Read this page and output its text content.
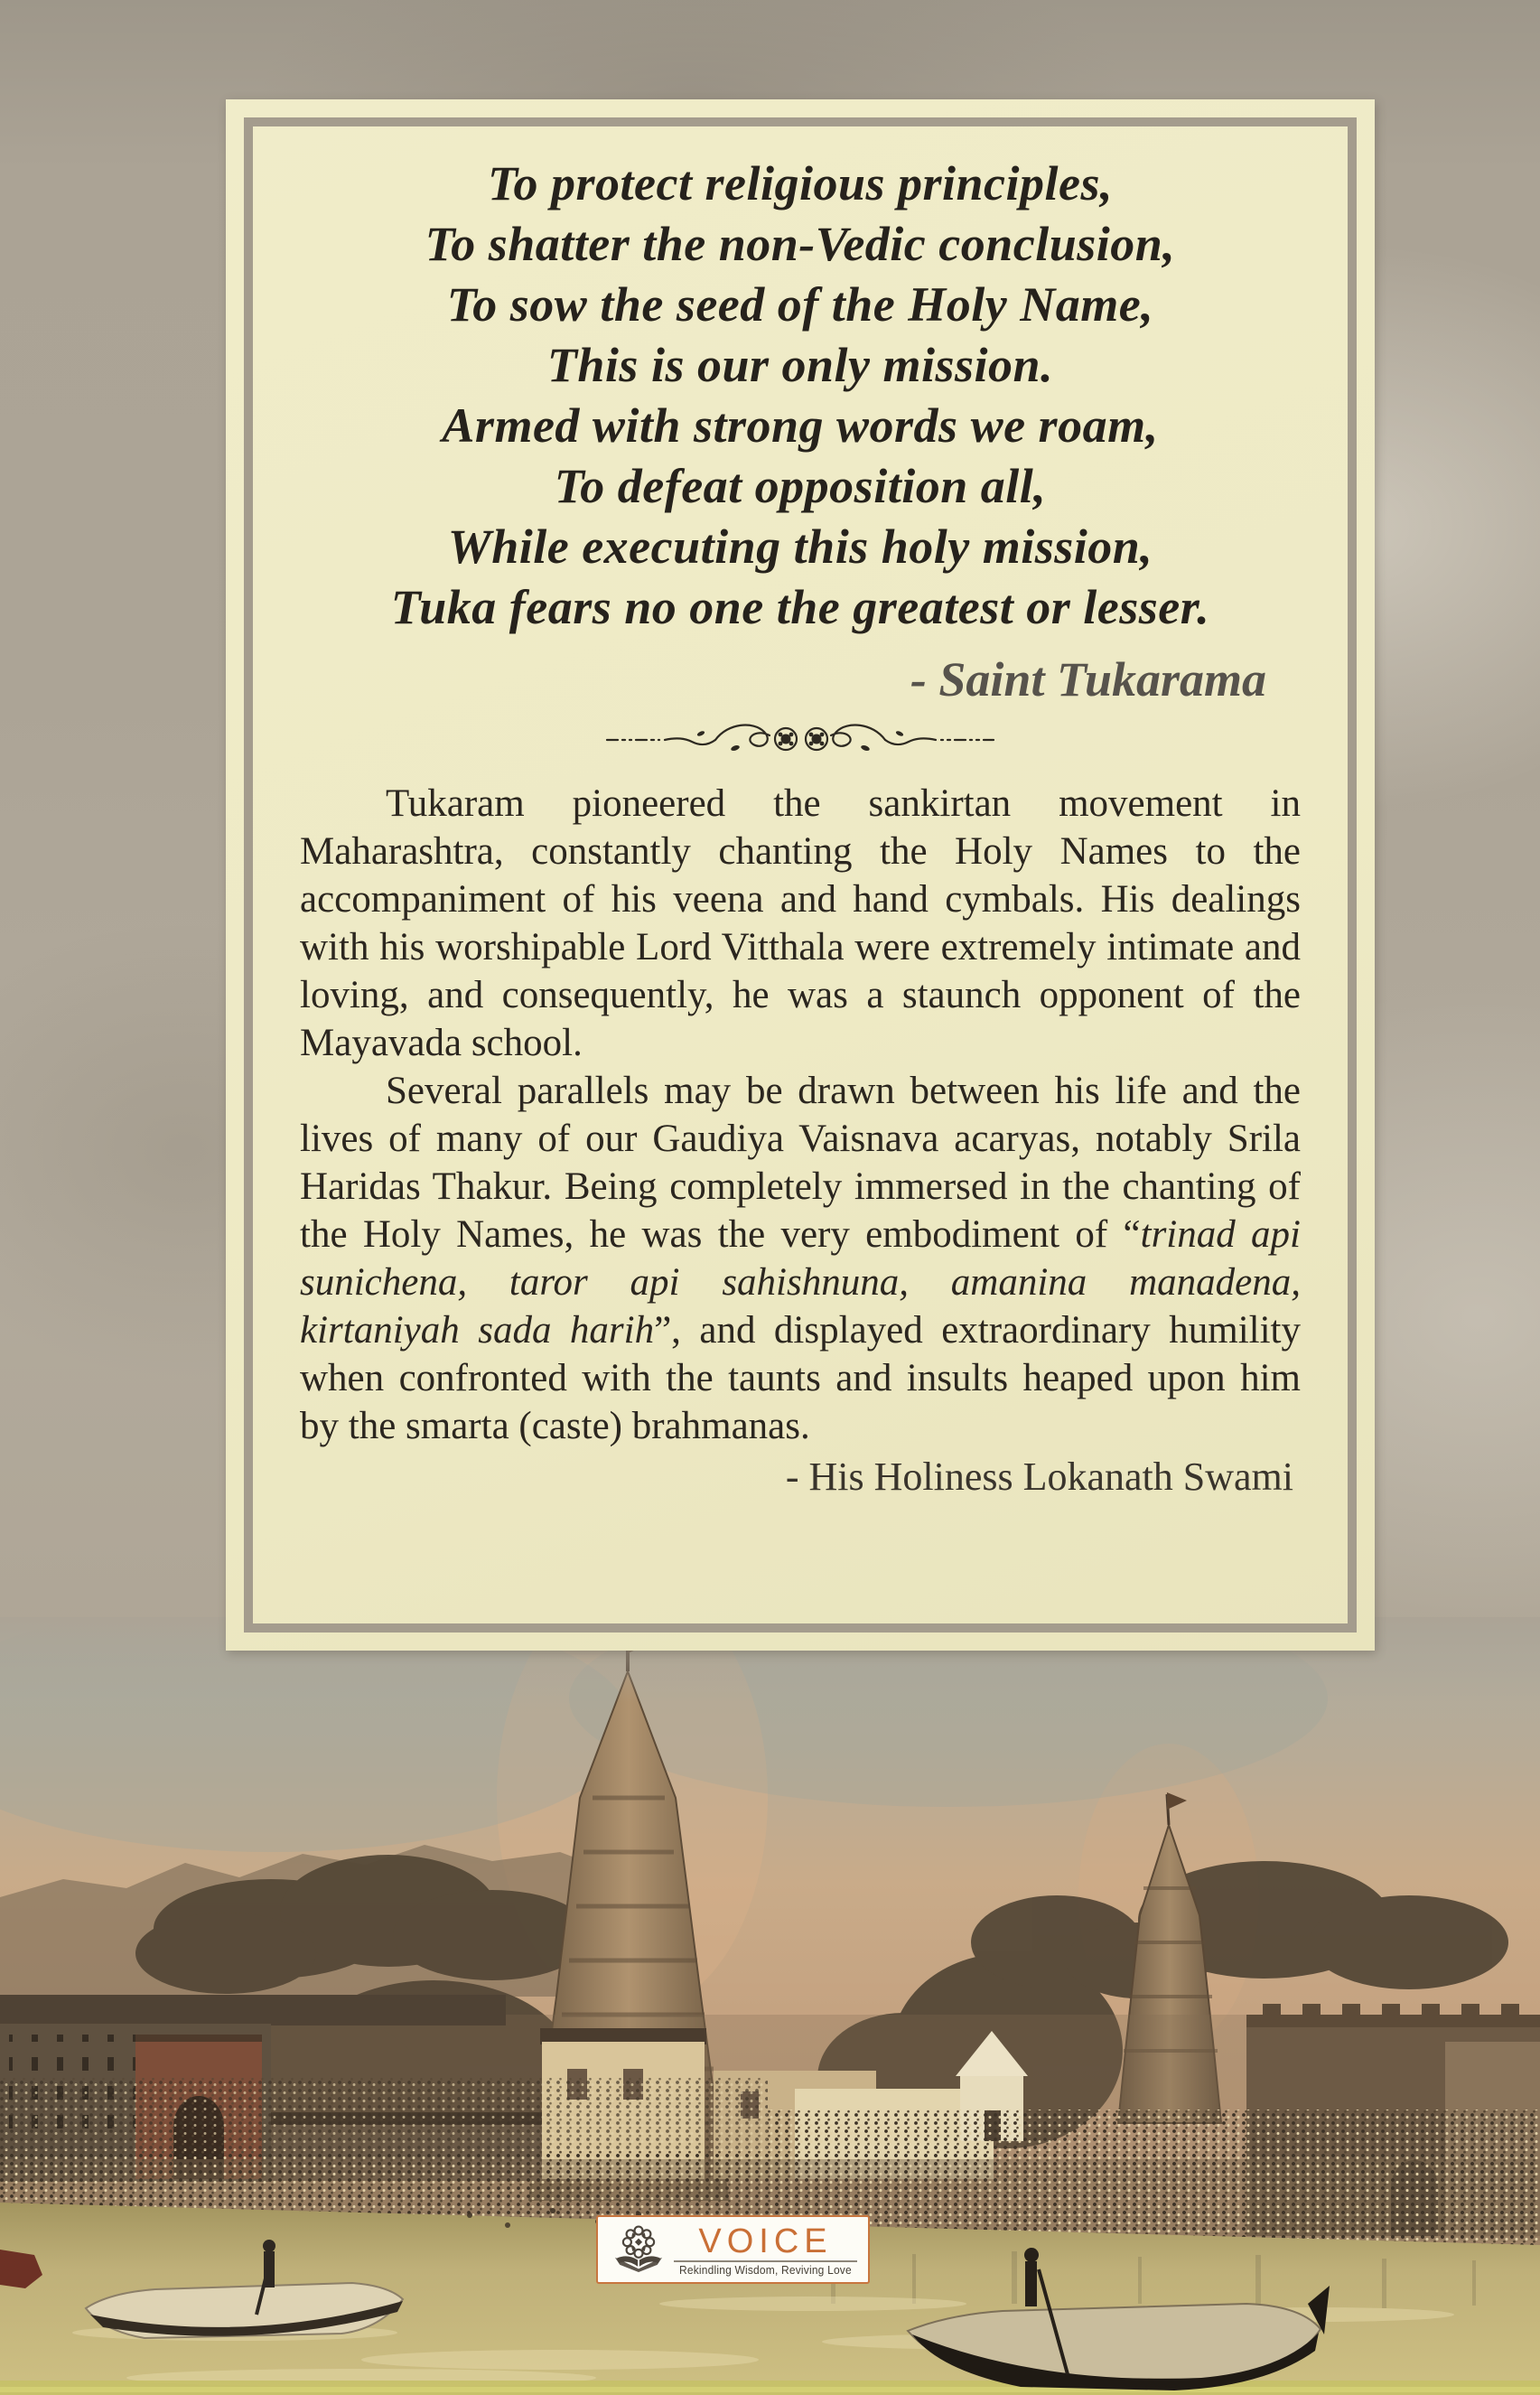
To protect religious principles,
To shatter the non-Vedic conclusion,
To sow the seed of the Holy Name,
This is our only mission.
Armed with strong words we roam,
To defeat opposition all,
While executing this holy mission,
Tuka fears no one the greatest or lesser.
- Saint Tukarama

Tukaram pioneered the sankirtan movement in Maharashtra, constantly chanting the Holy Names to the accompaniment of his veena and hand cymbals. His dealings with his worshipable Lord Vitthala were extremely intimate and loving, and consequently, he was a staunch opponent of the Mayavada school.

Several parallels may be drawn between his life and the lives of many of our Gaudiya Vaisnava acaryas, notably Srila Haridas Thakur. Being completely immersed in the chanting of the Holy Names, he was the very embodiment of “trinad api sunichena, taror api sahishnuna, amanina manadena, kirtaniyah sada harih”, and displayed extraordinary humility when confronted with the taunts and insults heaped upon him by the smarta (caste) brahmanas.

- His Holiness Lokanath Swami
VOICE
Rekindling Wisdom, Reviving Love
